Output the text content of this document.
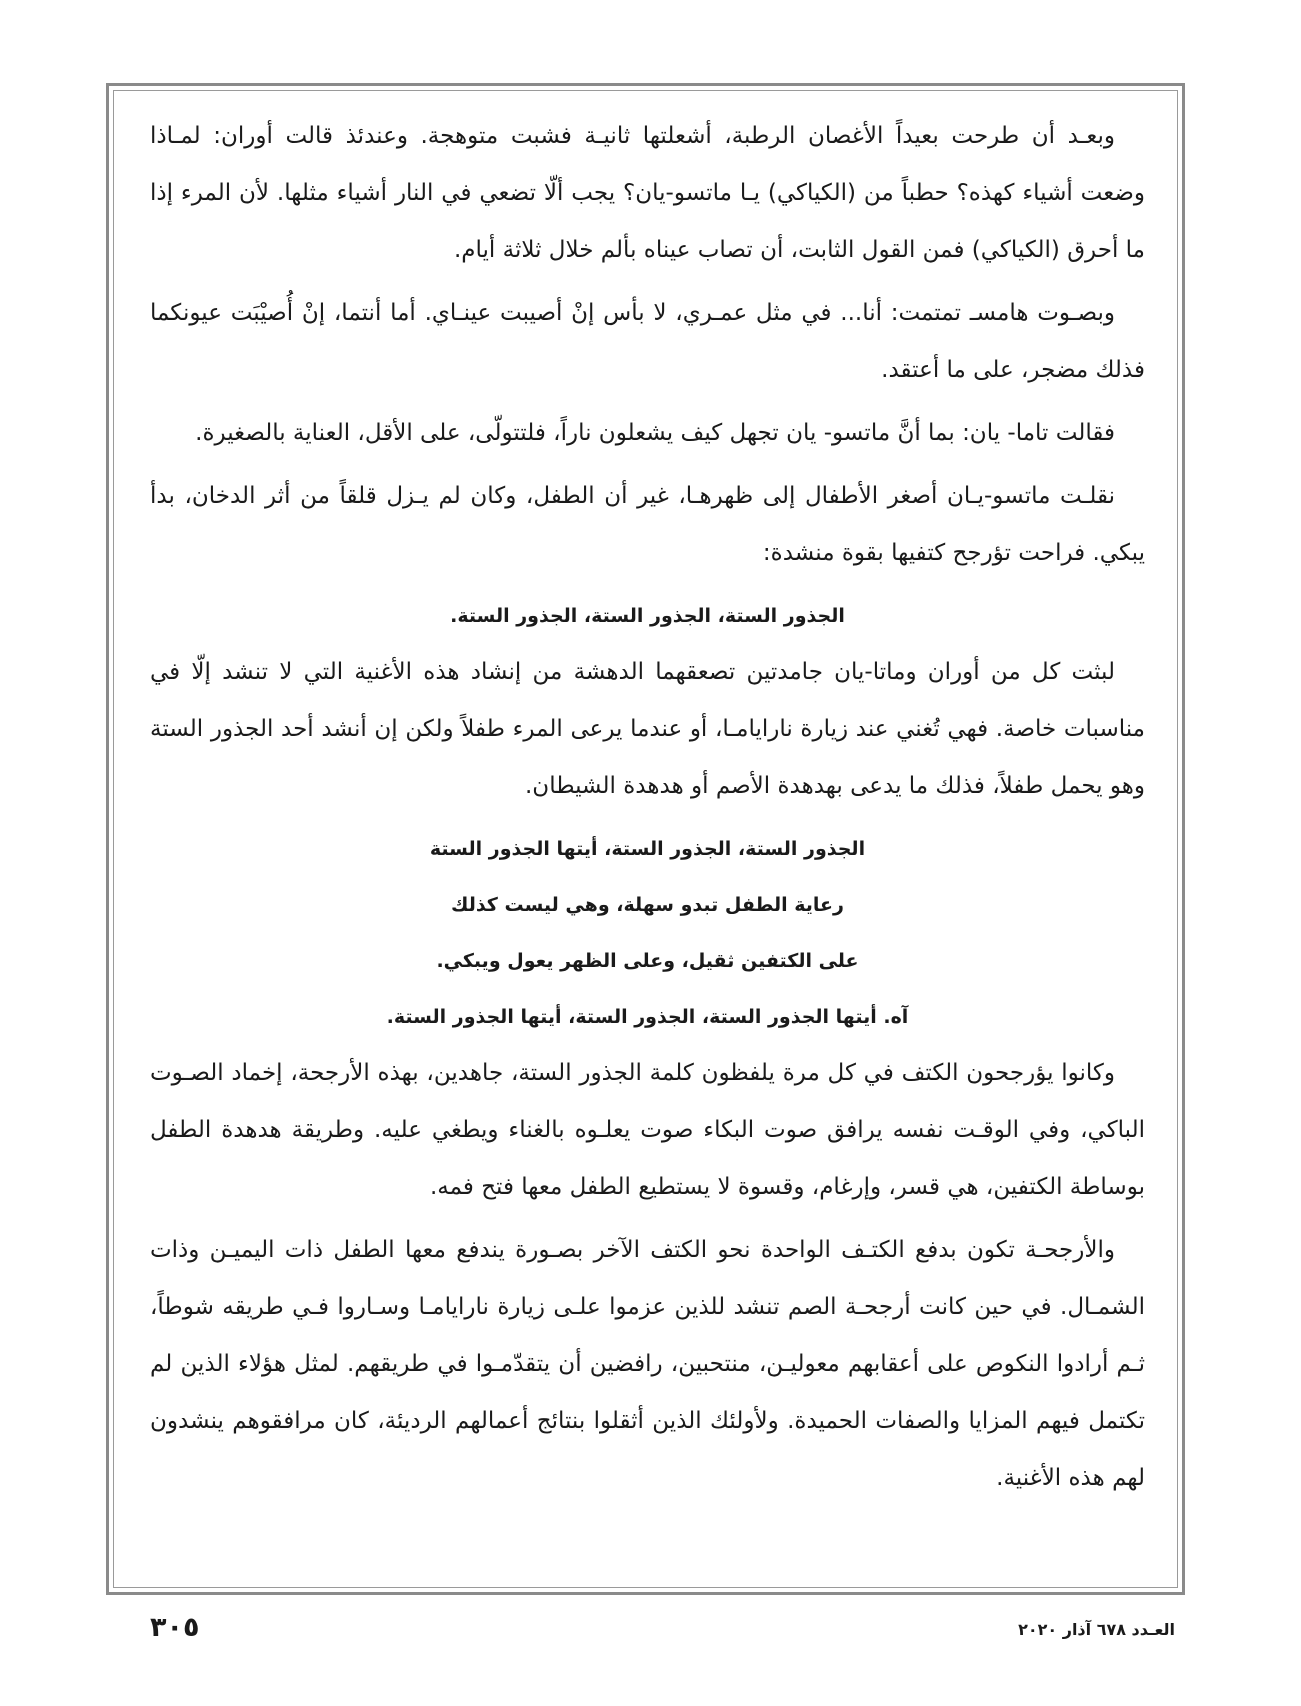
وبعـد أن طرحت بعيداً الأغصان الرطبة، أشعلتها ثانيـة فشبت متوهجة. وعندئذ قالت أوران: لمـاذا وضعت أشياء كهذه؟ حطباً من (الكياكي) يـا ماتسو-يان؟ يجب ألّا تضعي في النار أشياء مثلها. لأن المرء إذا ما أحرق (الكياكي) فمن القول الثابت، أن تصاب عيناه بألم خلال ثلاثة أيام.

وبصـوت هامسـ تمتمت: أنا... في مثل عمـري، لا بأس إنْ أصيبت عينـاي. أما أنتما، إنْ أُصيْبَت عيونكما فذلك مضجر، على ما أعتقد.

فقالت تاما- يان: بما أنَّ ماتسو- يان تجهل كيف يشعلون ناراً، فلتتولّى، على الأقل، العناية بالصغيرة.

نقلـت ماتسو-يـان أصغر الأطفال إلى ظهرهـا، غير أن الطفل، وكان لم يـزل قلقاً من أثر الدخان، بدأ يبكي. فراحت تؤرجح كتفيها بقوة منشدة:

الجذور الستة، الجذور الستة، الجذور الستة.

لبثت كل من أوران وماتا-يان جامدتين تصعقهما الدهشة من إنشاد هذه الأغنية التي لا تنشد إلّا في مناسبات خاصة. فهي تُغني عند زيارة نارايامـا، أو عندما يرعى المرء طفلاً ولكن إن أنشد أحد الجذور الستة وهو يحمل طفلاً، فذلك ما يدعى بهدهدة الأصم أو هدهدة الشيطان.

الجذور الستة، الجذور الستة، أيتها الجذور الستة

رعاية الطفل تبدو سهلة، وهي ليست كذلك

على الكتفين ثقيل، وعلى الظهر يعول ويبكي.

آه. أيتها الجذور الستة، الجذور الستة، أيتها الجذور الستة.

وكانوا يؤرجحون الكتف في كل مرة يلفظون كلمة الجذور الستة، جاهدين، بهذه الأرجحة، إخماد الصـوت الباكي، وفي الوقـت نفسه يرافق صوت البكاء صوت يعلـوه بالغناء ويطغي عليه. وطريقة هدهدة الطفل بوساطة الكتفين، هي قسر، وإرغام، وقسوة لا يستطيع الطفل معها فتح فمه.

والأرجحـة تكون بدفع الكتـف الواحدة نحو الكتف الآخر بصـورة يندفع معها الطفل ذات اليميـن وذات الشمـال. في حين كانت أرجحـة الصم تنشد للذين عزموا علـى زيارة نارايامـا وسـاروا فـي طريقه شوطاً، ثـم أرادوا النكوص على أعقابهم معوليـن، منتحبين، رافضين أن يتقدّمـوا في طريقهم. لمثل هؤلاء الذين لم تكتمل فيهم المزايا والصفات الحميدة. ولأولئك الذين أثقلوا بنتائج أعمالهم الرديئة، كان مرافقوهم ينشدون لهم هذه الأغنية.

العـدد ٦٧٨ آذار ٢٠٢٠
٣٠٥
